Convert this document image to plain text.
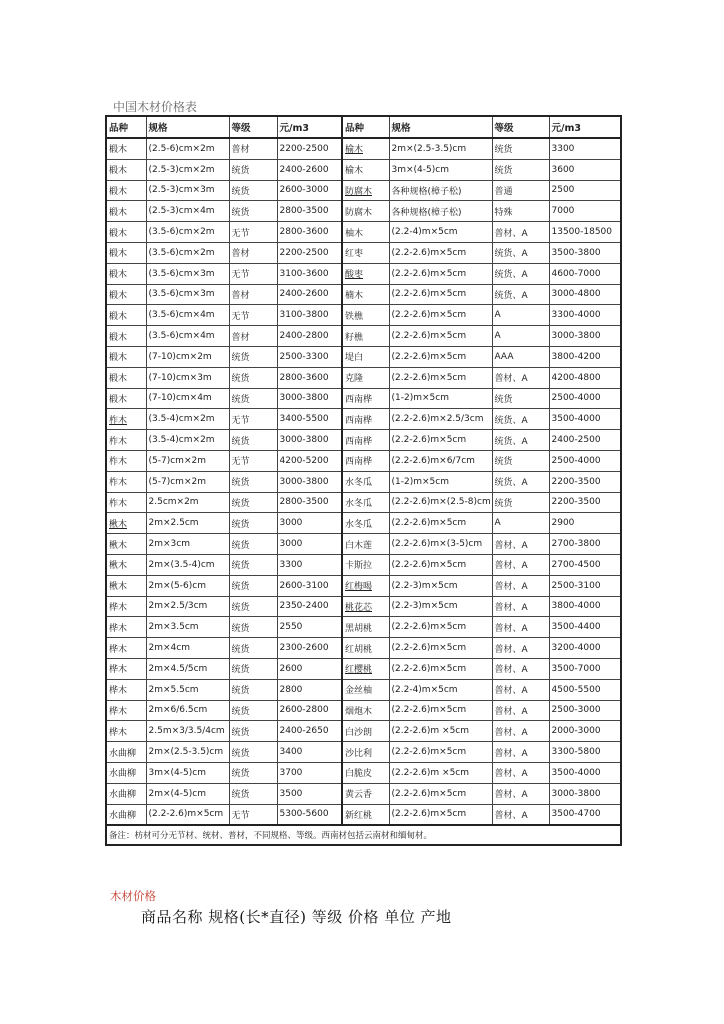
中国木材价格表
品种	规格	等级	元/m3	品种	规格	等级	元/m3
椴木	(2.5-6)cm×2m	普材	2200-2500	榆木	2m×(2.5-3.5)cm	统货	3300
椴木	(2.5-3)cm×2m	统货	2400-2600	榆木	3m×(4-5)cm	统货	3600
椴木	(2.5-3)cm×3m	统货	2600-3000	防腐木	各种规格(樟子松)	普通	2500
椴木	(2.5-3)cm×4m	统货	2800-3500	防腐木	各种规格(樟子松)	特殊	7000
椴木	(3.5-6)cm×2m	无节	2800-3600	柚木	(2.2-4)m×5cm	普材、A	13500-18500
椴木	(3.5-6)cm×2m	普材	2200-2500	红枣	(2.2-2.6)m×5cm	统货、A	3500-3800
椴木	(3.5-6)cm×3m	无节	3100-3600	酸枣	(2.2-2.6)m×5cm	统货、A	4600-7000
椴木	(3.5-6)cm×3m	普材	2400-2600	楠木	(2.2-2.6)m×5cm	统货、A	3000-4800
椴木	(3.5-6)cm×4m	无节	3100-3800	铁樵	(2.2-2.6)m×5cm	A	3300-4000
椴木	(3.5-6)cm×4m	普材	2400-2800	籽樵	(2.2-2.6)m×5cm	A	3000-3800
椴木	(7-10)cm×2m	统货	2500-3300	堤白	(2.2-2.6)m×5cm	AAA	3800-4200
椴木	(7-10)cm×3m	统货	2800-3600	克隆	(2.2-2.6)m×5cm	普材、A	4200-4800
椴木	(7-10)cm×4m	统货	3000-3800	西南桦	(1-2)m×5cm	统货	2500-4000
柞木	(3.5-4)cm×2m	无节	3400-5500	西南桦	(2.2-2.6)m×2.5/3cm	统货、A	3500-4000
柞木	(3.5-4)cm×2m	统货	3000-3800	西南桦	(2.2-2.6)m×5cm	统货、A	2400-2500
柞木	(5-7)cm×2m	无节	4200-5200	西南桦	(2.2-2.6)m×6/7cm	统货	2500-4000
柞木	(5-7)cm×2m	统货	3000-3800	水冬瓜	(1-2)m×5cm	统货、A	2200-3500
柞木	2.5cm×2m	统货	2800-3500	水冬瓜	(2.2-2.6)m×(2.5-8)cm	统货	2200-3500
楸木	2m×2.5cm	统货	3000	水冬瓜	(2.2-2.6)m×5cm	A	2900
楸木	2m×3cm	统货	3000	白木莲	(2.2-2.6)m×(3-5)cm	普材、A	2700-3800
楸木	2m×(3.5-4)cm	统货	3300	卡斯拉	(2.2-2.6)m×5cm	普材、A	2700-4500
楸木	2m×(5-6)cm	统货	2600-3100	红梅喝	(2.2-3)m×5cm	普材、A	2500-3100
桦木	2m×2.5/3cm	统货	2350-2400	桃花芯	(2.2-3)m×5cm	普材、A	3800-4000
桦木	2m×3.5cm	统货	2550	黑胡桃	(2.2-2.6)m×5cm	普材、A	3500-4400
桦木	2m×4cm	统货	2300-2600	红胡桃	(2.2-2.6)m×5cm	普材、A	3200-4000
桦木	2m×4.5/5cm	统货	2600	红樱桃	(2.2-2.6)m×5cm	普材、A	3500-7000
桦木	2m×5.5cm	统货	2800	金丝柚	(2.2-4)m×5cm	普材、A	4500-5500
桦木	2m×6/6.5cm	统货	2600-2800	烟炮木	(2.2-2.6)m×5cm	普材、A	2500-3000
桦木	2.5m×3/3.5/4cm	统货	2400-2650	白沙朗	(2.2-2.6)m ×5cm	普材、A	2000-3000
水曲柳	2m×(2.5-3.5)cm	统货	3400	沙比利	(2.2-2.6)m×5cm	普材、A	3300-5800
水曲柳	3m×(4-5)cm	统货	3700	白脆皮	(2.2-2.6)m ×5cm	普材、A	3500-4000
水曲柳	2m×(4-5)cm	统货	3500	黄云香	(2.2-2.6)m×5cm	普材、A	3000-3800
水曲柳	(2.2-2.6)m×5cm	无节	5300-5600	新红桃	(2.2-2.6)m×5cm	普材、A	3500-4700
备注：枋材可分无节材、统材、普材，不同规格、等级。西南材包括云南材和缅甸材。							
木材价格
商品名称 规格(长*直径) 等级 价格 单位 产地
